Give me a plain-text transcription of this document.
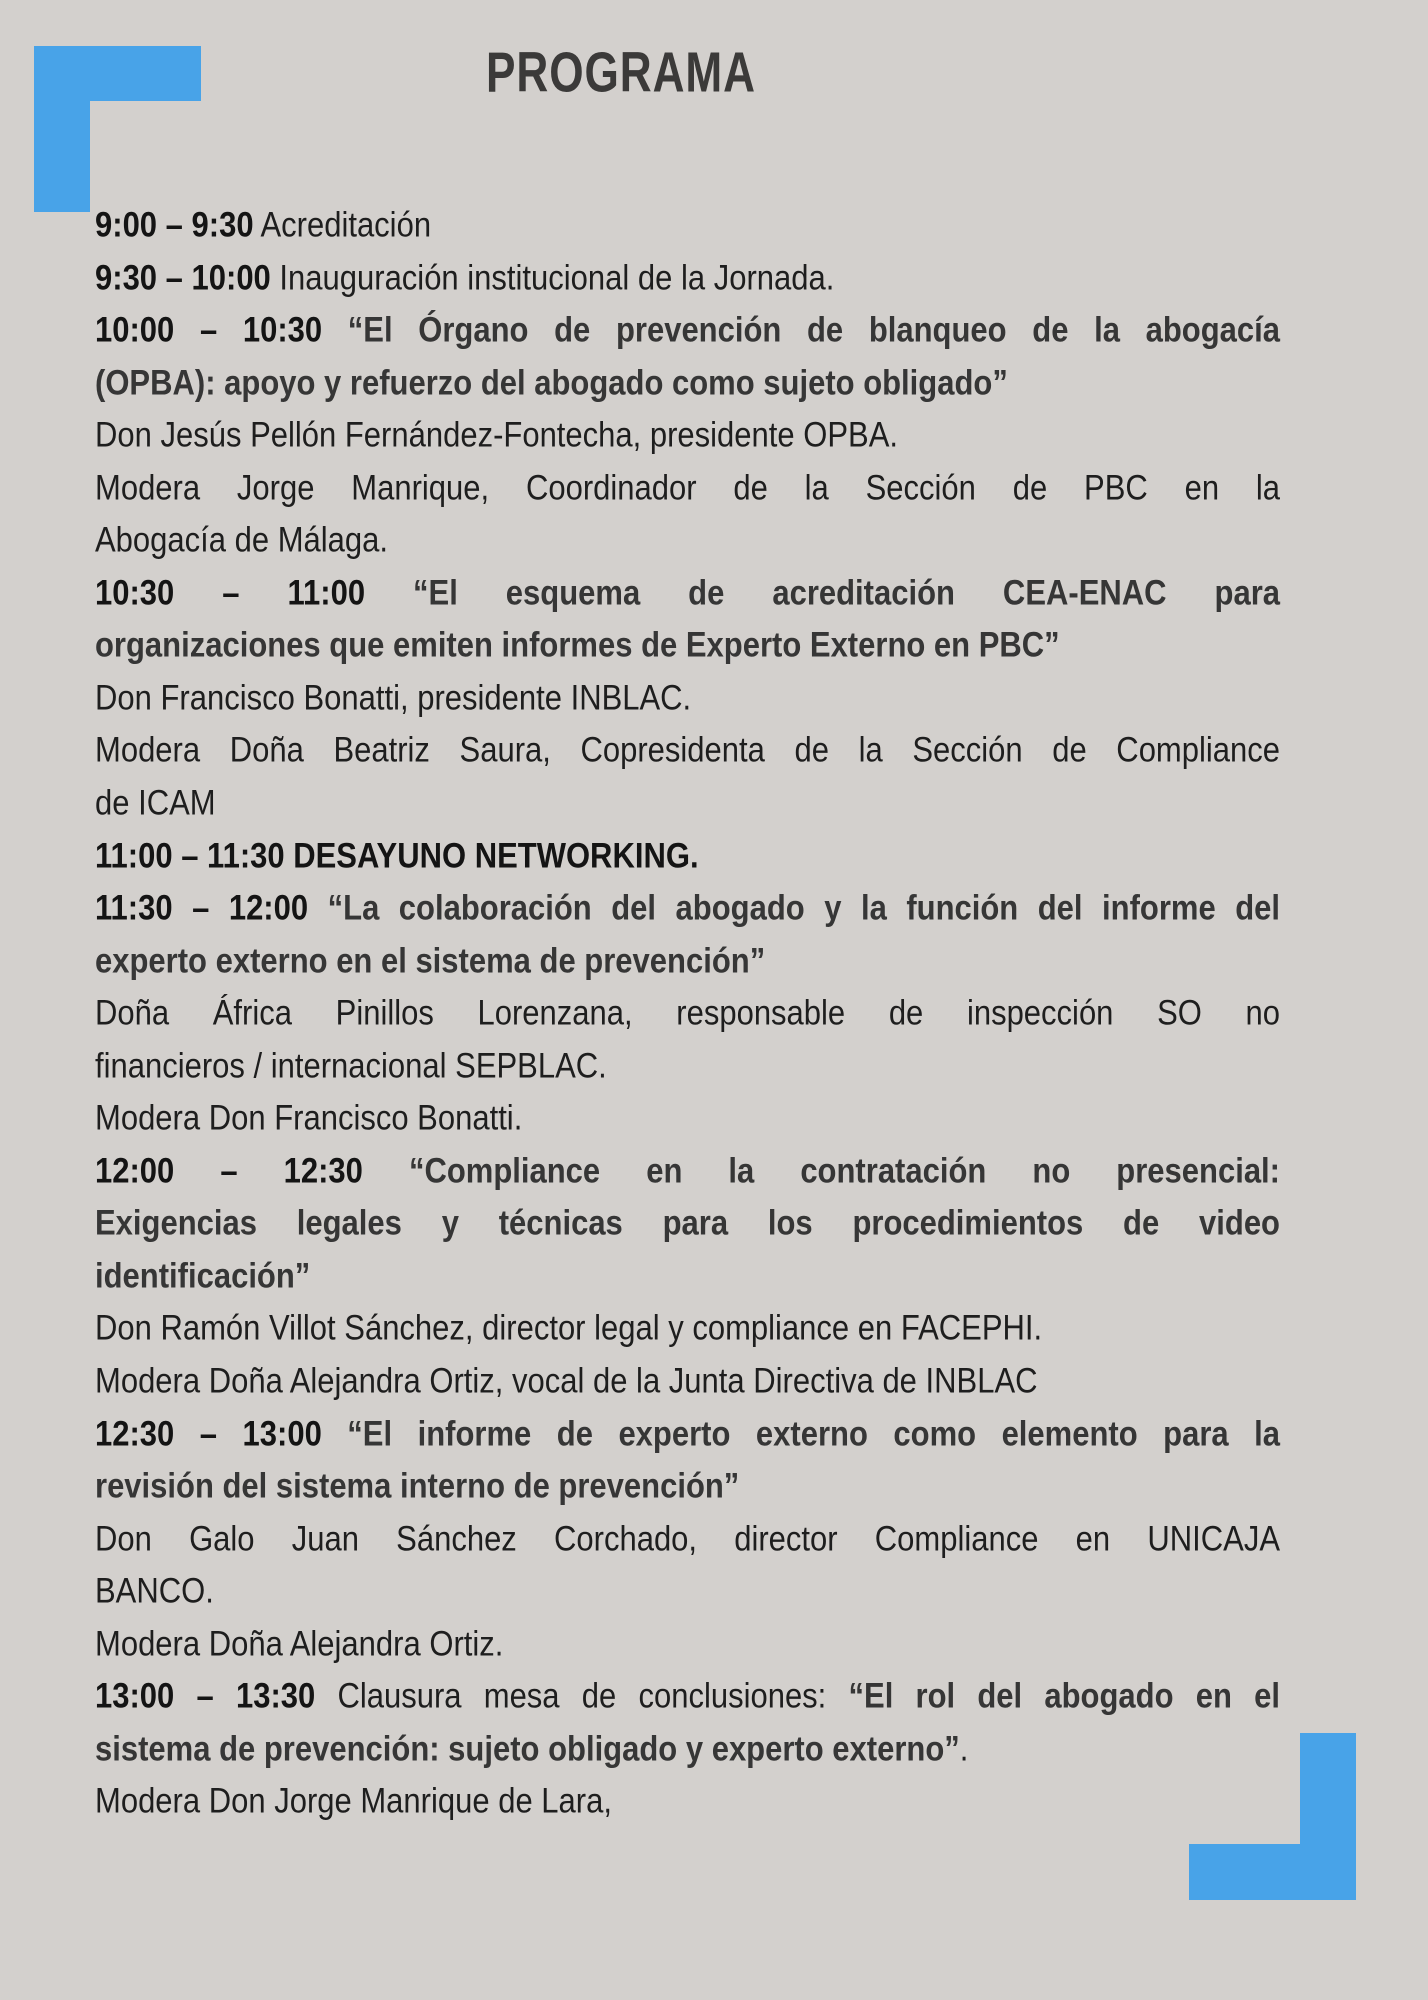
PROGRAMA
9:00 – 9:30 Acreditación
9:30 – 10:00 Inauguración institucional de la Jornada.
10:00 – 10:30 “El Órgano de prevención de blanqueo de la abogacía
(OPBA): apoyo y refuerzo del abogado como sujeto obligado”
Don Jesús Pellón Fernández-Fontecha, presidente OPBA.
Modera Jorge Manrique, Coordinador de la Sección de PBC en la
Abogacía de Málaga.
10:30 – 11:00 “El esquema de acreditación CEA-ENAC para
organizaciones que emiten informes de Experto Externo en PBC”
Don Francisco Bonatti, presidente INBLAC.
Modera Doña Beatriz Saura, Copresidenta de la Sección de Compliance
de ICAM
11:00 – 11:30 DESAYUNO NETWORKING.
11:30 – 12:00 “La colaboración del abogado y la función del informe del
experto externo en el sistema de prevención”
Doña África Pinillos Lorenzana, responsable de inspección SO no
financieros / internacional SEPBLAC.
Modera Don Francisco Bonatti.
12:00 – 12:30 “Compliance en la contratación no presencial:
Exigencias legales y técnicas para los procedimientos de video
identificación”
Don Ramón Villot Sánchez, director legal y compliance en FACEPHI.
Modera Doña Alejandra Ortiz, vocal de la Junta Directiva de INBLAC
12:30 – 13:00 “El informe de experto externo como elemento para la
revisión del sistema interno de prevención”
Don Galo Juan Sánchez Corchado, director Compliance en UNICAJA
BANCO.
Modera Doña Alejandra Ortiz.
13:00 – 13:30 Clausura mesa de conclusiones: “El rol del abogado en el
sistema de prevención: sujeto obligado y experto externo”.
Modera Don Jorge Manrique de Lara,
